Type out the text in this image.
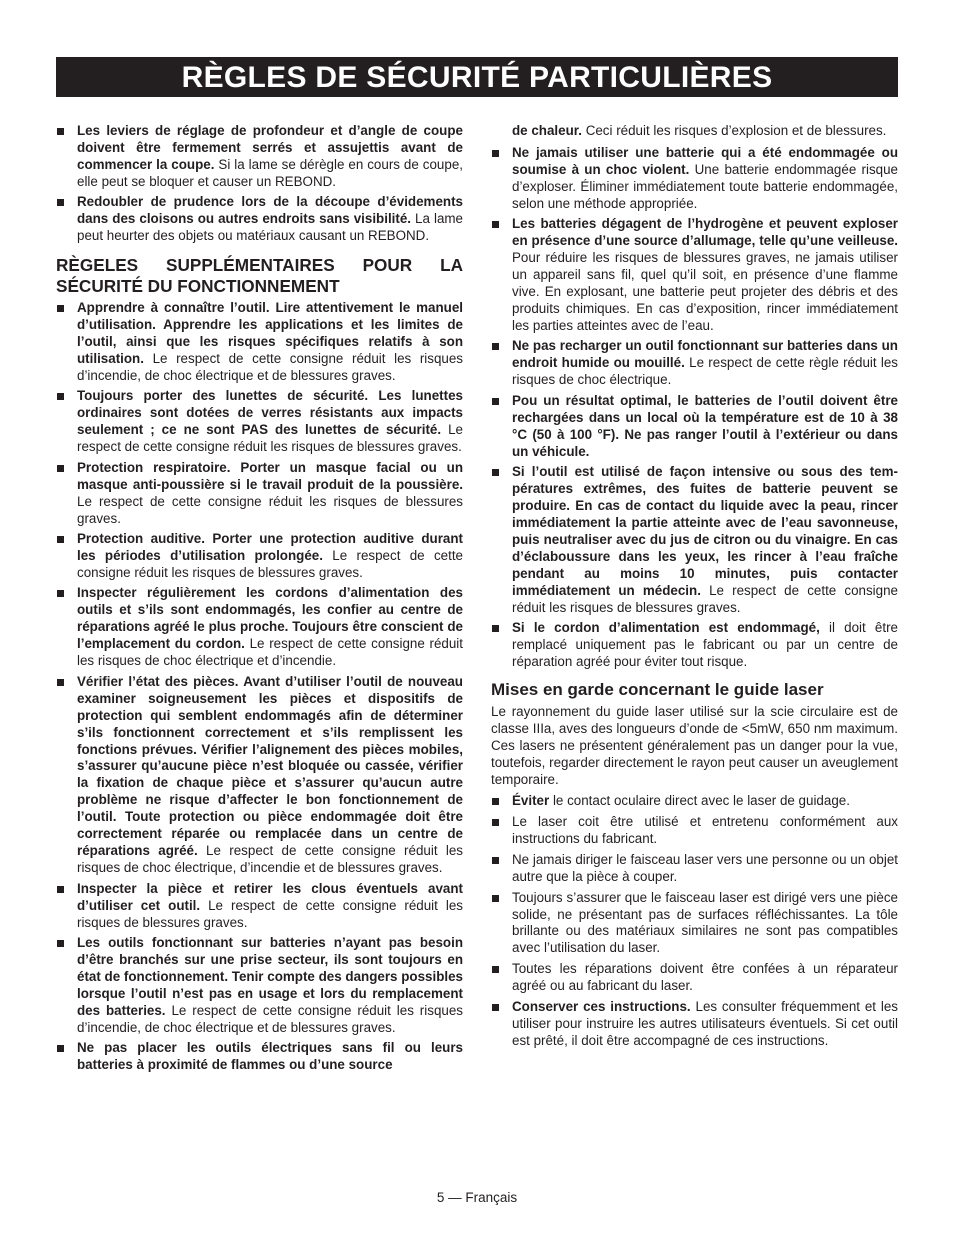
RÈGLES DE SÉCURITÉ PARTICULIÈRES
Les leviers de réglage de profondeur et d’angle de coupe doivent être fermement serrés et assujettis avant de commencer la coupe. Si la lame se dérègle en cours de coupe, elle peut se bloquer et causer un REBOND.
Redoubler de prudence lors de la découpe d’évidements dans des cloisons ou autres endroits sans visibilité. La lame peut heurter des objets ou matériaux causant un REBOND.
RÈGELES SUPPLÉMENTAIRES POUR LA SÉCURITÉ DU FONCTIONNEMENT
Apprendre à connaître l’outil. Lire attentivement le manuel d’utilisation. Apprendre les applications et les limites de l’outil, ainsi que les risques spécifiques relatifs à son utilisation. Le respect de cette consigne réduit les risques d’incendie, de choc électrique et de blessures graves.
Toujours porter des lunettes de sécurité. Les lunettes ordinaires sont dotées de verres résistants aux impacts seulement ; ce ne sont PAS des lunettes de sécurité. Le respect de cette consigne réduit les risques de blessures graves.
Protection respiratoire. Porter un masque facial ou un masque anti-poussière si le travail produit de la poussière. Le respect de cette consigne réduit les risques de blessures graves.
Protection auditive. Porter une protection auditive durant les périodes d’utilisation prolongée. Le respect de cette consigne réduit les risques de blessures graves.
Inspecter régulièrement les cordons d’alimentation des outils et s’ils sont endommagés, les confier au centre de réparations agréé le plus proche. Toujours être conscient de l’emplacement du cordon. Le respect de cette consigne réduit les risques de choc électrique et d’incendie.
Vérifier l’état des pièces. Avant d’utiliser l’outil de nouveau examiner soigneusement les pièces et dispositifs de protection qui semblent endommagés afin de déterminer s’ils fonctionnent correctement et s’ils remplissent les fonctions prévues. Vérifier l’alignement des pièces mobiles, s’assurer qu’aucune pièce n’est bloquée ou cassée, vérifier la fixation de chaque pièce et s’assurer qu’aucun autre problème ne risque d’affecter le bon fonctionnement de l’outil. Toute protection ou pièce endommagée doit être correctement réparée ou remplacée dans un centre de réparations agréé. Le respect de cette consigne réduit les risques de choc électrique, d’incendie et de blessures graves.
Inspecter la pièce et retirer les clous éventuels avant d’utiliser cet outil. Le respect de cette consigne réduit les risques de blessures graves.
Les outils fonctionnant sur batteries n’ayant pas besoin d’être branchés sur une prise secteur, ils sont toujours en état de fonctionnement. Tenir compte des dangers possibles lorsque l’outil n’est pas en usage et lors du remplacement des batteries. Le respect de cette consigne réduit les risques d’incendie, de choc électrique et de blessures graves.
Ne pas placer les outils électriques sans fil ou leurs batteries à proximité de flammes ou d’une source
de chaleur. Ceci réduit les risques d’explosion et de blessures.
Ne jamais utiliser une batterie qui a été endommagée ou soumise à un choc violent. Une batterie endommagée risque d’exploser. Éliminer immédiatement toute batterie endommagée, selon une méthode appropriée.
Les batteries dégagent de l’hydrogène et peuvent exploser en présence d’une source d’allumage, telle qu’une veilleuse. Pour réduire les risques de blessures graves, ne jamais utiliser un appareil sans fil, quel qu’il soit, en présence d’une flamme vive. En explosant, une batterie peut projeter des débris et des produits chimiques. En cas d’exposition, rincer immédiatement les parties atteintes avec de l’eau.
Ne pas recharger un outil fonctionnant sur batteries dans un endroit humide ou mouillé. Le respect de cette règle réduit les risques de choc électrique.
Pou un résultat optimal, le batteries de l’outil doivent être rechargées dans un local où la température est de 10 à 38 °C (50 à 100 °F). Ne pas ranger l’outil à l’extérieur ou dans un véhicule.
Si l’outil est utilisé de façon intensive ou sous des tem-pératures extrêmes, des fuites de batterie peuvent se produire. En cas de contact du liquide avec la peau, rincer immédiatement la partie atteinte avec de l’eau savonneuse, puis neutraliser avec du jus de citron ou du vinaigre. En cas d’éclaboussure dans les yeux, les rincer à l’eau fraîche pendant au moins 10 minutes, puis contacter immédiatement un médecin. Le respect de cette consigne réduit les risques de blessures graves.
Si le cordon d’alimentation est endommagé, il doit être remplacé uniquement pas le fabricant ou par un centre de réparation agréé pour éviter tout risque.
Mises en garde concernant le guide laser
Le rayonnement du guide laser utilisé sur la scie circulaire est de classe IIIa, aves des longueurs d’onde de <5mW, 650 nm maximum. Ces lasers ne présentent généralement pas un danger pour la vue, toutefois, regarder directement le rayon peut causer un aveuglement temporaire.
Éviter le contact oculaire direct avec le laser de guidage.
Le laser coit être utilisé et entretenu conformément aux instructions du fabricant.
Ne jamais diriger le faisceau laser vers une personne ou un objet autre que la pièce à couper.
Toujours s’assurer que le faisceau laser est dirigé vers une pièce solide, ne présentant pas de surfaces réfléchissantes. La tôle brillante ou des matériaux similaires ne sont pas compatibles avec l’utilisation du laser.
Toutes les réparations doivent être confées à un réparateur agréé ou au fabricant du laser.
Conserver ces instructions. Les consulter fréquemment et les utiliser pour instruire les autres utilisateurs éventuels. Si cet outil est prêté, il doit être accompagné de ces instructions.
5 — Français
